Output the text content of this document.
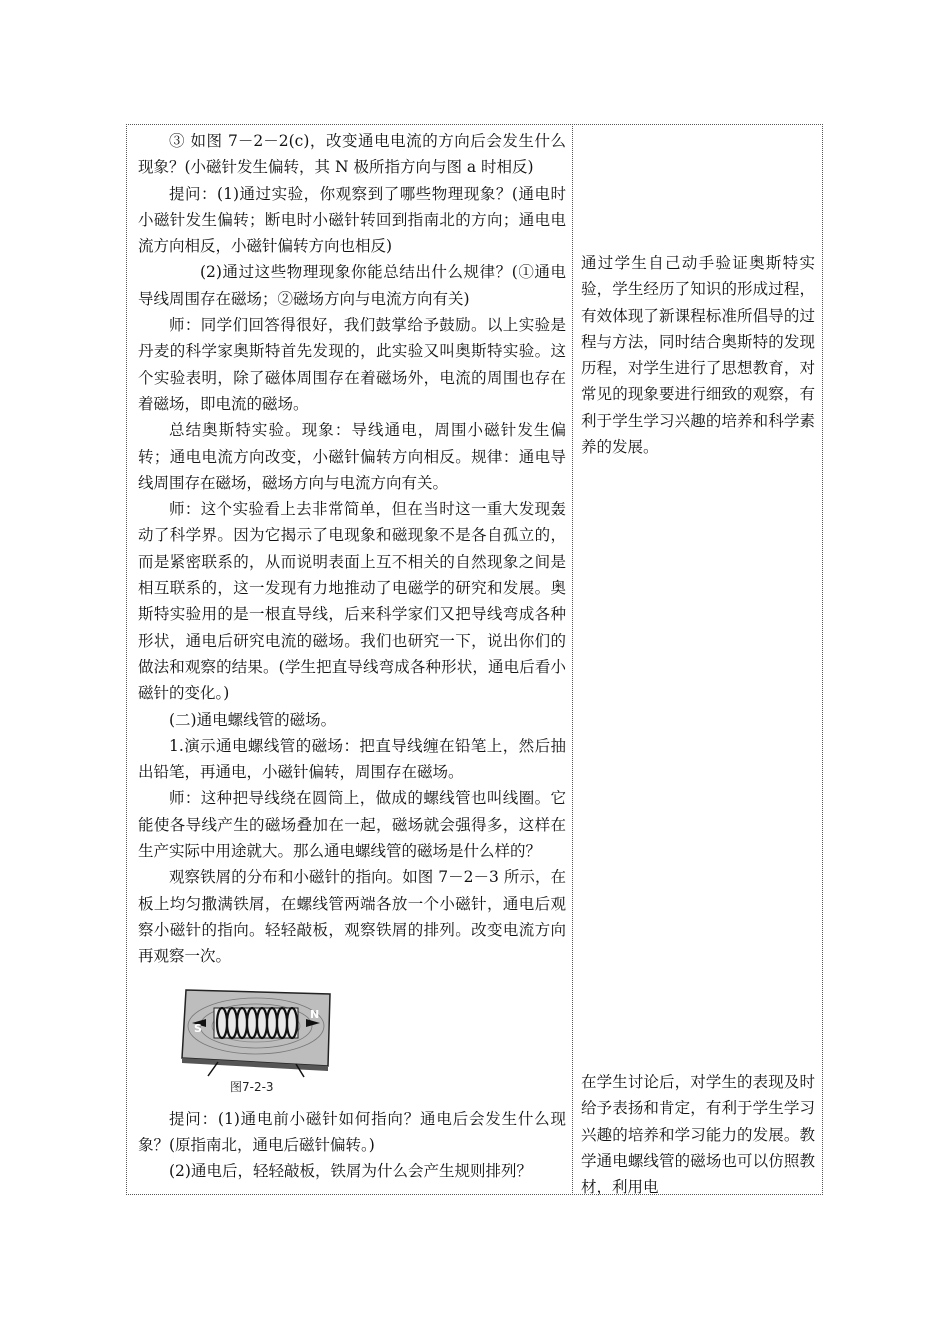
③ 如图 7－2－2(c)，改变通电电流的方向后会发生什么现象？(小磁针发生偏转，其 N 极所指方向与图 a 时相反)

提问：(1)通过实验，你观察到了哪些物理现象？(通电时小磁针发生偏转；断电时小磁针转回到指南北的方向；通电电流方向相反，小磁针偏转方向也相反)

(2)通过这些物理现象你能总结出什么规律？(①通电导线周围存在磁场；②磁场方向与电流方向有关)

师：同学们回答得很好，我们鼓掌给予鼓励。以上实验是丹麦的科学家奥斯特首先发现的，此实验又叫奥斯特实验。这个实验表明，除了磁体周围存在着磁场外，电流的周围也存在着磁场，即电流的磁场。

总结奥斯特实验。现象：导线通电，周围小磁针发生偏转；通电电流方向改变，小磁针偏转方向相反。规律：通电导线周围存在磁场，磁场方向与电流方向有关。

师：这个实验看上去非常简单，但在当时这一重大发现轰动了科学界。因为它揭示了电现象和磁现象不是各自孤立的，而是紧密联系的，从而说明表面上互不相关的自然现象之间是相互联系的，这一发现有力地推动了电磁学的研究和发展。奥斯特实验用的是一根直导线，后来科学家们又把导线弯成各种形状，通电后研究电流的磁场。我们也研究一下，说出你们的做法和观察的结果。(学生把直导线弯成各种形状，通电后看小磁针的变化。)

(二)通电螺线管的磁场。

1.演示通电螺线管的磁场：把直导线缠在铅笔上，然后抽出铅笔，再通电，小磁针偏转，周围存在磁场。

师：这种把导线绕在圆筒上，做成的螺线管也叫线圈。它能使各导线产生的磁场叠加在一起，磁场就会强得多，这样在生产实际中用途就大。那么通电螺线管的磁场是什么样的？

观察铁屑的分布和小磁针的指向。如图 7－2－3 所示，在板上均匀撒满铁屑，在螺线管两端各放一个小磁针，通电后观察小磁针的指向。轻轻敲板，观察铁屑的排列。改变电流方向再观察一次。

S
N
图7-2-3

提问：(1)通电前小磁针如何指向？通电后会发生什么现象？(原指南北，通电后磁针偏转。)

(2)通电后，轻轻敲板，铁屑为什么会产生规则排列？

通过学生自己动手验证奥斯特实验，学生经历了知识的形成过程，有效体现了新课程标准所倡导的过程与方法，同时结合奥斯特的发现历程，对学生进行了思想教育，对常见的现象要进行细致的观察，有利于学生学习兴趣的培养和科学素养的发展。

在学生讨论后，对学生的表现及时给予表扬和肯定，有利于学生学习兴趣的培养和学习能力的发展。教学通电螺线管的磁场也可以仿照教材，利用电
